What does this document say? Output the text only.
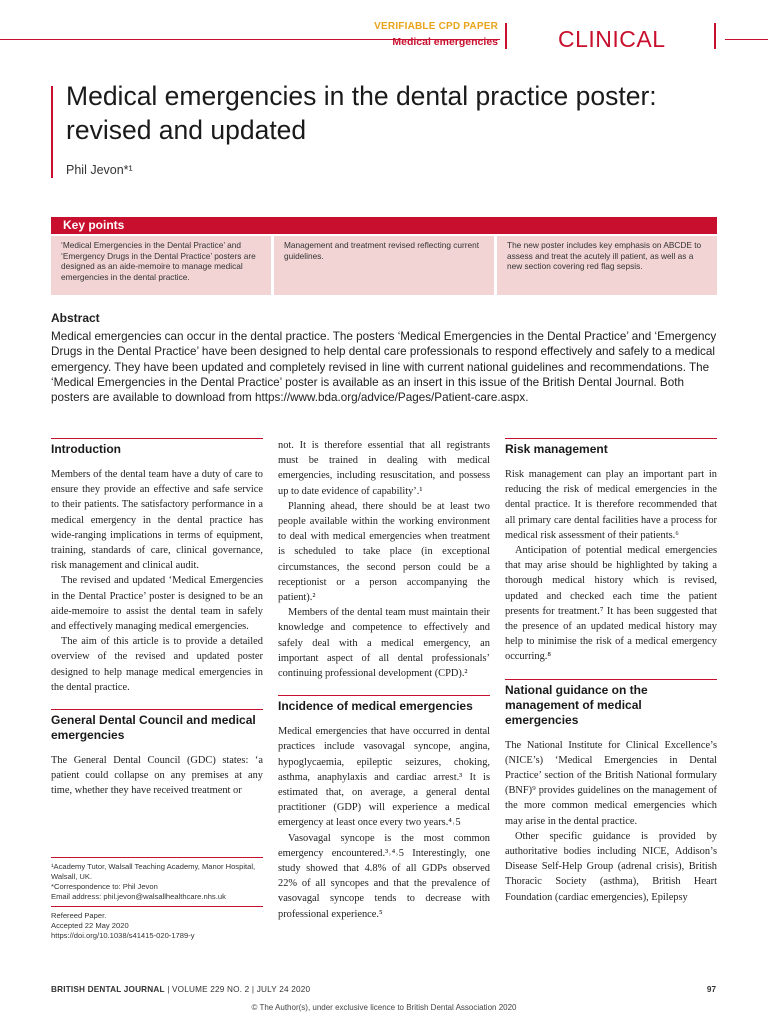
VERIFIABLE CPD PAPER
Medical emergencies	CLINICAL
Medical emergencies in the dental practice poster: revised and updated
Phil Jevon*¹
Key points
‘Medical Emergencies in the Dental Practice’ and ‘Emergency Drugs in the Dental Practice’ posters are designed as an aide-memoire to manage medical emergencies in the dental practice.
Management and treatment revised reflecting current guidelines.
The new poster includes key emphasis on ABCDE to assess and treat the acutely ill patient, as well as a new section covering red flag sepsis.
Abstract
Medical emergencies can occur in the dental practice. The posters ‘Medical Emergencies in the Dental Practice’ and ‘Emergency Drugs in the Dental Practice’ have been designed to help dental care professionals to respond effectively and safely to a medical emergency. They have been updated and completely revised in line with current national guidelines and recommendations. The ‘Medical Emergencies in the Dental Practice’ poster is available as an insert in this issue of the British Dental Journal. Both posters are available to download from https://www.bda.org/advice/Pages/Patient-care.aspx.
Introduction

Members of the dental team have a duty of care to ensure they provide an effective and safe service to their patients. The satisfactory performance in a medical emergency in the dental practice has wide-ranging implications in terms of equipment, training, standards of care, clinical governance, risk management and clinical audit.

The revised and updated ‘Medical Emergencies in the Dental Practice’ poster is designed to be an aide-memoire to assist the dental team in safely and effectively managing medical emergencies.

The aim of this article is to provide a detailed overview of the revised and updated poster designed to help manage medical emergencies in the dental practice.

General Dental Council and medical emergencies

The General Dental Council (GDC) states: ‘a patient could collapse on any premises at any time, whether they have received treatment or

¹Academy Tutor, Walsall Teaching Academy, Manor Hospital, Walsall, UK.
*Correspondence to: Phil Jevon
Email address: phil.jevon@walsallhealthcare.nhs.uk
Refereed Paper.
Accepted 22 May 2020
https://doi.org/10.1038/s41415-020-1789-y

not. It is therefore essential that all registrants must be trained in dealing with medical emergencies, including resuscitation, and possess up to date evidence of capability’.¹

Planning ahead, there should be at least two people available within the working environment to deal with medical emergencies when treatment is scheduled to take place (in exceptional circumstances, the second person could be a receptionist or a person accompanying the patient).²

Members of the dental team must maintain their knowledge and competence to effectively and safely deal with a medical emergency, an important aspect of all dental professionals’ continuing professional development (CPD).²

Incidence of medical emergencies

Medical emergencies that have occurred in dental practices include vasovagal syncope, angina, hypoglycaemia, epileptic seizures, choking, asthma, anaphylaxis and cardiac arrest.³ It is estimated that, on average, a general dental practitioner (GDP) will experience a medical emergency at least once every two years.⁴˒5

Vasovagal syncope is the most common emergency encountered.³˒⁴˒5 Interestingly, one study showed that 4.8% of all GDPs observed 22% of all syncopes and that the prevalence of vasovagal syncope tends to decrease with professional experience.⁵

Risk management

Risk management can play an important part in reducing the risk of medical emergencies in the dental practice. It is therefore recommended that all primary care dental facilities have a process for medical risk assessment of their patients.⁶

Anticipation of potential medical emergencies that may arise should be highlighted by taking a thorough medical history which is revised, updated and checked each time the patient presents for treatment.⁷ It has been suggested that the presence of an updated medical history may help to minimise the risk of a medical emergency occurring.⁸

National guidance on the management of medical emergencies

The National Institute for Clinical Excellence’s (NICE’s) ‘Medical Emergencies in Dental Practice’ section of the British National formulary (BNF)⁹ provides guidelines on the management of the more common medical emergencies which may arise in the dental practice.

Other specific guidance is provided by authoritative bodies including NICE, Addison’s Disease Self-Help Group (adrenal crisis), British Thoracic Society (asthma), British Heart Foundation (cardiac emergencies), Epilepsy

BRITISH DENTAL JOURNAL | VOLUME 229 NO. 2 | JULY 24 2020	97
© The Author(s), under exclusive licence to British Dental Association 2020
